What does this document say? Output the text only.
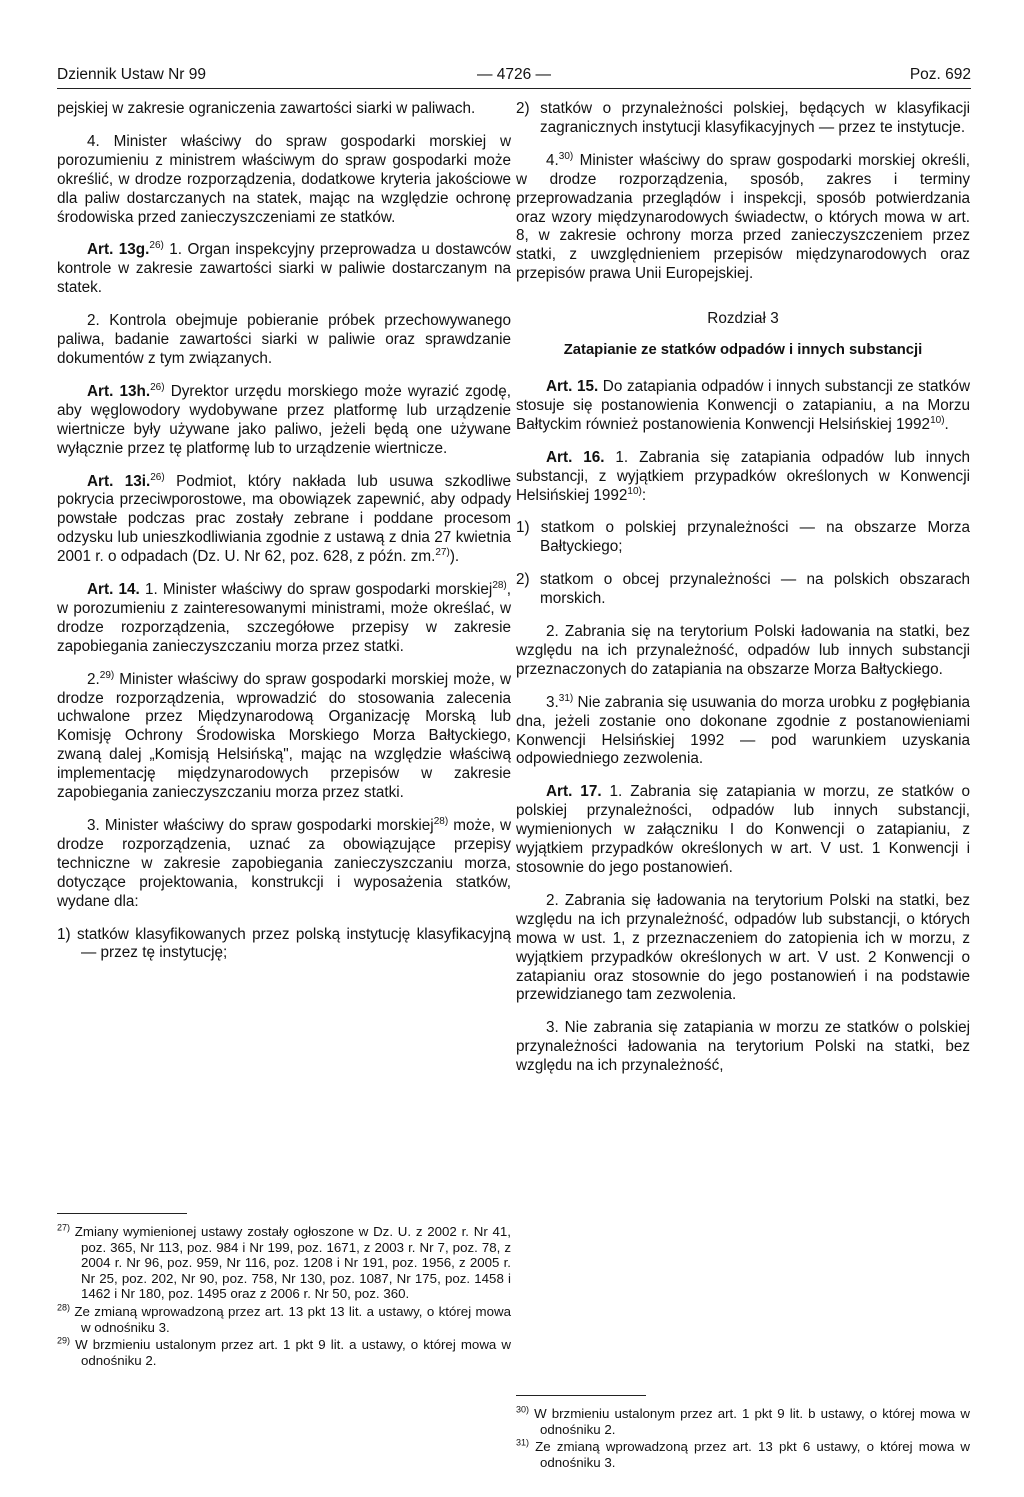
Dziennik Ustaw Nr 99	— 4726 —	Poz. 692

pejskiej w zakresie ograniczenia zawartości siarki w paliwach.

4. Minister właściwy do spraw gospodarki morskiej w porozumieniu z ministrem właściwym do spraw gospodarki może określić, w drodze rozporządzenia, dodatkowe kryteria jakościowe dla paliw dostarczanych na statek, mając na względzie ochronę środowiska przed zanieczyszczeniami ze statków.

Art. 13g.$^{26)}$ 1. Organ inspekcyjny przeprowadza u dostawców kontrole w zakresie zawartości siarki w paliwie dostarczanym na statek.

2. Kontrola obejmuje pobieranie próbek przechowywanego paliwa, badanie zawartości siarki w paliwie oraz sprawdzanie dokumentów z tym związanych.

Art. 13h.$^{26)}$ Dyrektor urzędu morskiego może wyrazić zgodę, aby węglowodory wydobywane przez platformę lub urządzenie wiertnicze były używane jako paliwo, jeżeli będą one używane wyłącznie przez tę platformę lub to urządzenie wiertnicze.

Art. 13i.$^{26)}$ Podmiot, który nakłada lub usuwa szkodliwe pokrycia przeciwporostowe, ma obowiązek zapewnić, aby odpady powstałe podczas prac zostały zebrane i poddane procesom odzysku lub unieszkodliwiania zgodnie z ustawą z dnia 27 kwietnia 2001 r. o odpadach (Dz. U. Nr 62, poz. 628, z późn. zm.$^{27)}$).

Art. 14. 1. Minister właściwy do spraw gospodarki morskiej$^{28)}$, w porozumieniu z zainteresowanymi ministrami, może określać, w drodze rozporządzenia, szczegółowe przepisy w zakresie zapobiegania zanieczyszczaniu morza przez statki.

2.$^{29)}$ Minister właściwy do spraw gospodarki morskiej może, w drodze rozporządzenia, wprowadzić do stosowania zalecenia uchwalone przez Międzynarodową Organizację Morską lub Komisję Ochrony Środowiska Morskiego Morza Bałtyckiego, zwaną dalej „Komisją Helsińską", mając na względzie właściwą implementację międzynarodowych przepisów w zakresie zapobiegania zanieczyszczaniu morza przez statki.

3. Minister właściwy do spraw gospodarki morskiej$^{28)}$ może, w drodze rozporządzenia, uznać za obowiązujące przepisy techniczne w zakresie zapobiegania zanieczyszczaniu morza, dotyczące projektowania, konstrukcji i wyposażenia statków, wydane dla:

1) statków klasyfikowanych przez polską instytucję klasyfikacyjną — przez tę instytucję;

2) statków o przynależności polskiej, będących w klasyfikacji zagranicznych instytucji klasyfikacyjnych — przez te instytucje.

4.$^{30)}$ Minister właściwy do spraw gospodarki morskiej określi, w drodze rozporządzenia, sposób, zakres i terminy przeprowadzania przeglądów i inspekcji, sposób potwierdzania oraz wzory międzynarodowych świadectw, o których mowa w art. 8, w zakresie ochrony morza przed zanieczyszczeniem przez statki, z uwzględnieniem przepisów międzynarodowych oraz przepisów prawa Unii Europejskiej.

Rozdział 3

Zatapianie ze statków odpadów i innych substancji

Art. 15. Do zatapiania odpadów i innych substancji ze statków stosuje się postanowienia Konwencji o zatapianiu, a na Morzu Bałtyckim również postanowienia Konwencji Helsińskiej 1992$^{10)}$.

Art. 16. 1. Zabrania się zatapiania odpadów lub innych substancji, z wyjątkiem przypadków określonych w Konwencji Helsińskiej 1992$^{10)}$:

1) statkom o polskiej przynależności — na obszarze Morza Bałtyckiego;

2) statkom o obcej przynależności — na polskich obszarach morskich.

2. Zabrania się na terytorium Polski ładowania na statki, bez względu na ich przynależność, odpadów lub innych substancji przeznaczonych do zatapiania na obszarze Morza Bałtyckiego.

3.$^{31)}$ Nie zabrania się usuwania do morza urobku z pogłębiania dna, jeżeli zostanie ono dokonane zgodnie z postanowieniami Konwencji Helsińskiej 1992 — pod warunkiem uzyskania odpowiedniego zezwolenia.

Art. 17. 1. Zabrania się zatapiania w morzu, ze statków o polskiej przynależności, odpadów lub innych substancji, wymienionych w załączniku I do Konwencji o zatapianiu, z wyjątkiem przypadków określonych w art. V ust. 1 Konwencji i stosownie do jego postanowień.

2. Zabrania się ładowania na terytorium Polski na statki, bez względu na ich przynależność, odpadów lub substancji, o których mowa w ust. 1, z przeznaczeniem do zatopienia ich w morzu, z wyjątkiem przypadków określonych w art. V ust. 2 Konwencji o zatapianiu oraz stosownie do jego postanowień i na podstawie przewidzianego tam zezwolenia.

3. Nie zabrania się zatapiania w morzu ze statków o polskiej przynależności ładowania na terytorium Polski na statki, bez względu na ich przynależność,

$^{27)}$ Zmiany wymienionej ustawy zostały ogłoszone w Dz. U. z 2002 r. Nr 41, poz. 365, Nr 113, poz. 984 i Nr 199, poz. 1671, z 2003 r. Nr 7, poz. 78, z 2004 r. Nr 96, poz. 959, Nr 116, poz. 1208 i Nr 191, poz. 1956, z 2005 r. Nr 25, poz. 202, Nr 90, poz. 758, Nr 130, poz. 1087, Nr 175, poz. 1458 i 1462 i Nr 180, poz. 1495 oraz z 2006 r. Nr 50, poz. 360.

$^{28)}$ Ze zmianą wprowadzoną przez art. 13 pkt 13 lit. a ustawy, o której mowa w odnośniku 3.

$^{29)}$ W brzmieniu ustalonym przez art. 1 pkt 9 lit. a ustawy, o której mowa w odnośniku 2.

$^{30)}$ W brzmieniu ustalonym przez art. 1 pkt 9 lit. b ustawy, o której mowa w odnośniku 2.

$^{31)}$ Ze zmianą wprowadzoną przez art. 13 pkt 6 ustawy, o której mowa w odnośniku 3.
